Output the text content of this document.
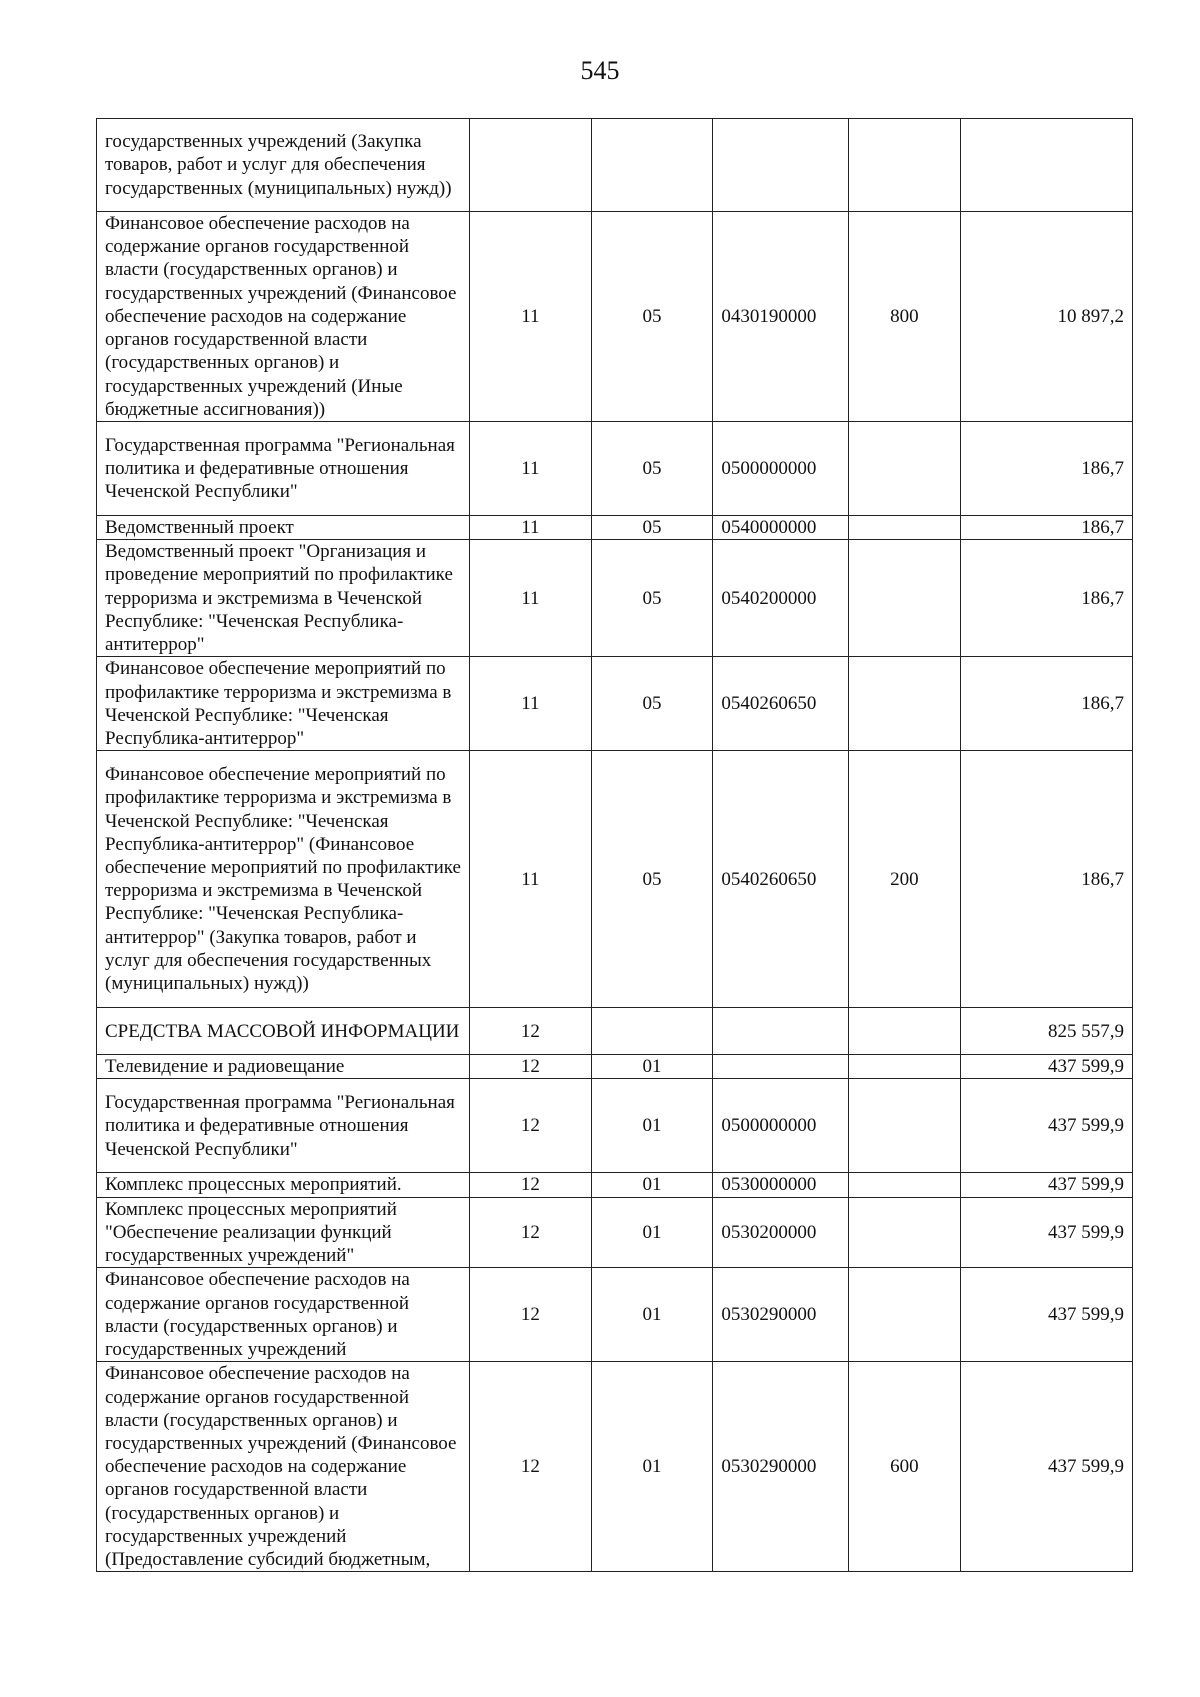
545
государственных учреждений (Закупка товаров, работ и услуг для обеспечения государственных (муниципальных) нужд))					
Финансовое обеспечение расходов на содержание органов государственной власти (государственных органов) и государственных учреждений (Финансовое обеспечение расходов на содержание органов государственной власти (государственных органов) и государственных учреждений (Иные бюджетные ассигнования))	11	05	0430190000	800	10 897,2
Государственная программа "Региональная политика и федеративные отношения Чеченской Республики"	11	05	0500000000		186,7
Ведомственный проект	11	05	0540000000		186,7
Ведомственный проект "Организация и проведение мероприятий по профилактике терроризма и экстремизма в Чеченской Республике: "Чеченская Республика-антитеррор"	11	05	0540200000		186,7
Финансовое обеспечение мероприятий по профилактике терроризма и экстремизма в Чеченской Республике: "Чеченская Республика-антитеррор"	11	05	0540260650		186,7
Финансовое обеспечение мероприятий по профилактике терроризма и экстремизма в Чеченской Республике: "Чеченская Республика-антитеррор" (Финансовое обеспечение мероприятий по профилактике терроризма и экстремизма в Чеченской Республике: "Чеченская Республика-антитеррор" (Закупка товаров, работ и услуг для обеспечения государственных (муниципальных) нужд))	11	05	0540260650	200	186,7
СРЕДСТВА МАССОВОЙ ИНФОРМАЦИИ	12				825 557,9
Телевидение и радиовещание	12	01			437 599,9
Государственная программа "Региональная политика и федеративные отношения Чеченской Республики"	12	01	0500000000		437 599,9
Комплекс процессных мероприятий.	12	01	0530000000		437 599,9
Комплекс процессных мероприятий "Обеспечение реализации функций государственных учреждений"	12	01	0530200000		437 599,9
Финансовое обеспечение расходов на содержание органов государственной власти (государственных органов) и государственных учреждений	12	01	0530290000		437 599,9
Финансовое обеспечение расходов на содержание органов государственной власти (государственных органов) и государственных учреждений (Финансовое обеспечение расходов на содержание органов государственной власти (государственных органов) и государственных учреждений (Предоставление субсидий бюджетным,	12	01	0530290000	600	437 599,9
